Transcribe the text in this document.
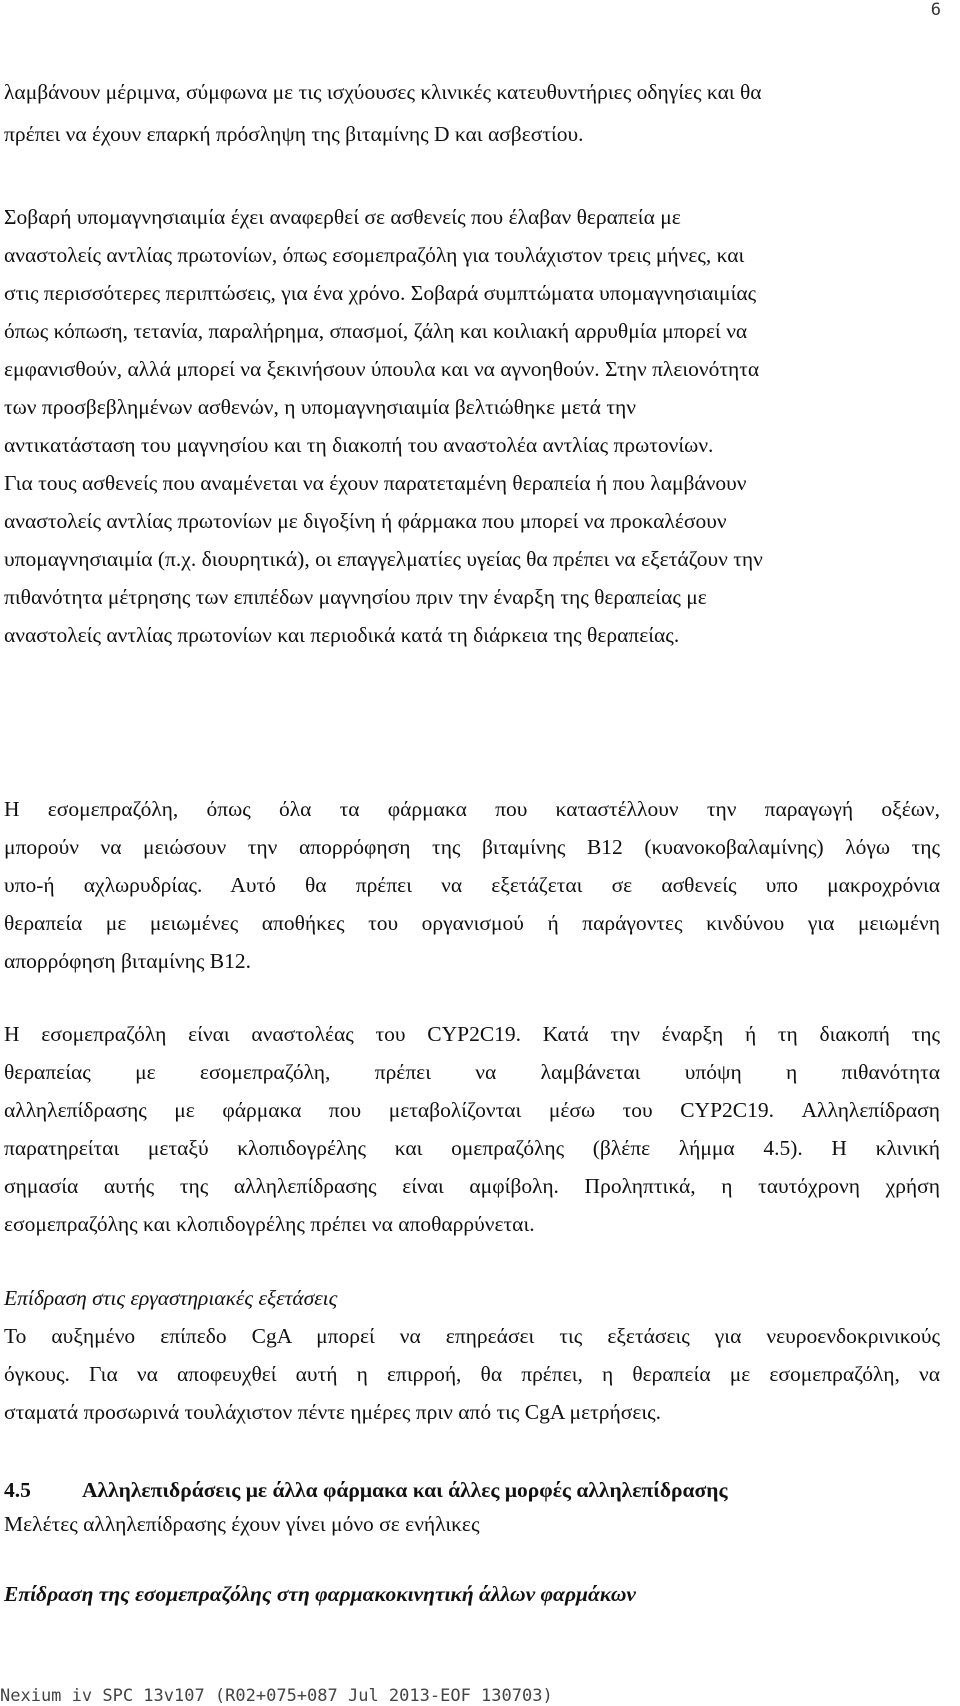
6
λαμβάνουν μέριμνα, σύμφωνα με τις ισχύουσες κλινικές κατευθυντήριες οδηγίες και θα
πρέπει να έχουν επαρκή πρόσληψη της βιταμίνης D και ασβεστίου.
Σοβαρή υπομαγνησιαιμία έχει αναφερθεί σε ασθενείς που έλαβαν θεραπεία με
αναστολείς αντλίας πρωτονίων, όπως εσομεπραζόλη για τουλάχιστον τρεις μήνες, και
στις περισσότερες περιπτώσεις, για ένα χρόνο. Σοβαρά συμπτώματα υπομαγνησιαιμίας
όπως κόπωση, τετανία, παραλήρημα, σπασμοί, ζάλη και κοιλιακή αρρυθμία μπορεί να
εμφανισθούν, αλλά μπορεί να ξεκινήσουν ύπουλα και να αγνοηθούν. Στην πλειονότητα
των προσβεβλημένων ασθενών, η υπομαγνησιαιμία βελτιώθηκε μετά την
αντικατάσταση του μαγνησίου και τη διακοπή του αναστολέα αντλίας πρωτονίων.
Για τους ασθενείς που αναμένεται να έχουν παρατεταμένη θεραπεία ή που λαμβάνουν
αναστολείς αντλίας πρωτονίων με διγοξίνη ή φάρμακα που μπορεί να προκαλέσουν
υπομαγνησιαιμία (π.χ. διουρητικά), οι επαγγελματίες υγείας θα πρέπει να εξετάζουν την
πιθανότητα μέτρησης των επιπέδων μαγνησίου πριν την έναρξη της θεραπείας με
αναστολείς αντλίας πρωτονίων και περιοδικά κατά τη διάρκεια της θεραπείας.
Η εσομεπραζόλη, όπως όλα τα φάρμακα που καταστέλλουν την παραγωγή οξέων,
μπορούν να μειώσουν την απορρόφηση της βιταμίνης Β12 (κυανοκοβαλαμίνης) λόγω της
υπο-ή αχλωρυδρίας. Αυτό θα πρέπει να εξετάζεται σε ασθενείς υπο μακροχρόνια
θεραπεία με μειωμένες αποθήκες του οργανισμού ή παράγοντες κινδύνου για μειωμένη
απορρόφηση βιταμίνης Β12.
Η εσομεπραζόλη είναι αναστολέας του CYP2C19. Κατά την έναρξη ή τη διακοπή της
θεραπείας με εσομεπραζόλη, πρέπει να λαμβάνεται υπόψη η πιθανότητα
αλληλεπίδρασης με φάρμακα που μεταβολίζονται μέσω του CYP2C19. Αλληλεπίδραση
παρατηρείται μεταξύ κλοπιδογρέλης και ομεπραζόλης (βλέπε λήμμα 4.5). Η κλινική
σημασία αυτής της αλληλεπίδρασης είναι αμφίβολη. Προληπτικά, η ταυτόχρονη χρήση
εσομεπραζόλης και κλοπιδογρέλης πρέπει να αποθαρρύνεται.
Επίδραση στις εργαστηριακές εξετάσεις
Το αυξημένο επίπεδο CgA μπορεί να επηρεάσει τις εξετάσεις για νευροενδοκρινικούς
όγκους. Για να αποφευχθεί αυτή η επιρροή, θα πρέπει, η θεραπεία με εσομεπραζόλη, να
σταματά προσωρινά τουλάχιστον πέντε ημέρες πριν από τις CgA μετρήσεις.
4.5 Αλληλεπιδράσεις με άλλα φάρμακα και άλλες μορφές αλληλεπίδρασης
Μελέτες αλληλεπίδρασης έχουν γίνει μόνο σε ενήλικες
Επίδραση της εσομεπραζόλης στη φαρμακοκινητική άλλων φαρμάκων
Nexium iv SPC 13v107 (R02+075+087 Jul 2013-EOF 130703)
